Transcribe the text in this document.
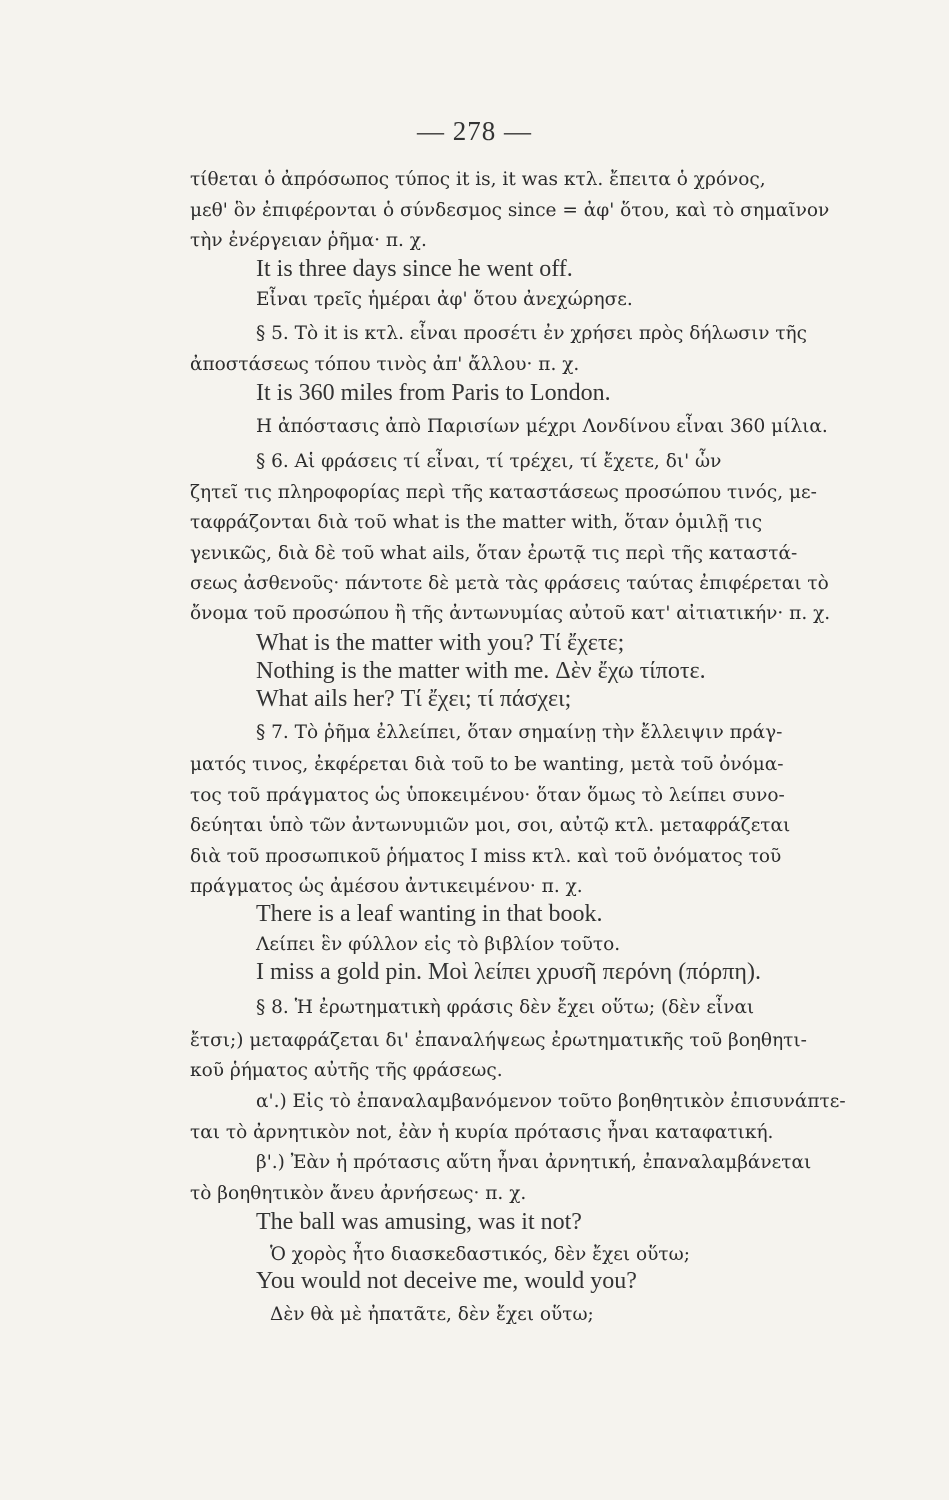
— 278 —
τίθεται ὁ ἀπρόσωπος τύπος it is, it was κτλ. ἔπειτα ὁ χρόνος,
μεθ' ὃν ἐπιφέρονται ὁ σύνδεσμος since = ἀφ' ὅτου, καὶ τὸ σημαῖνον
τὴν ἐνέργειαν ῥῆμα· π. χ.
It is three days since he went off.
Εἶναι τρεῖς ἡμέραι ἀφ' ὅτου ἀνεχώρησε.
§ 5. Τὸ it is κτλ. εἶναι προσέτι ἐν χρήσει πρὸς δήλωσιν τῆς
ἀποστάσεως τόπου τινὸς ἀπ' ἄλλου· π. χ.
It is 360 miles from Paris to London.
Η ἀπόστασις ἀπὸ Παρισίων μέχρι Λονδίνου εἶναι 360 μίλια.
§ 6. Αἱ φράσεις τί εἶναι, τί τρέχει, τί ἔχετε, δι' ὧν
ζητεῖ τις πληροφορίας περὶ τῆς καταστάσεως προσώπου τινός, με-
ταφράζονται διὰ τοῦ what is the matter with, ὅταν ὁμιλῇ τις
γενικῶς, διὰ δὲ τοῦ what ails, ὅταν ἐρωτᾷ τις περὶ τῆς καταστά-
σεως ἀσθενοῦς· πάντοτε δὲ μετὰ τὰς φράσεις ταύτας ἐπιφέρεται τὸ
ὄνομα τοῦ προσώπου ἢ τῆς ἀντωνυμίας αὐτοῦ κατ' αἰτιατικήν· π. χ.
What is the matter with you? Τί ἔχετε;
Nothing is the matter with me. Δὲν ἔχω τίποτε.
What ails her? Τί ἔχει; τί πάσχει;
§ 7. Τὸ ῥῆμα ἐλλείπει, ὅταν σημαίνῃ τὴν ἔλλειψιν πράγ-
ματός τινος, ἐκφέρεται διὰ τοῦ to be wanting, μετὰ τοῦ ὀνόμα-
τος τοῦ πράγματος ὡς ὑποκειμένου· ὅταν ὅμως τὸ λείπει συνο-
δεύηται ὑπὸ τῶν ἀντωνυμιῶν μοι, σοι, αὐτῷ κτλ. μεταφράζεται
διὰ τοῦ προσωπικοῦ ῥήματος I miss κτλ. καὶ τοῦ ὀνόματος τοῦ
πράγματος ὡς ἀμέσου ἀντικειμένου· π. χ.
There is a leaf wanting in that book.
Λείπει ἓν φύλλον εἰς τὸ βιβλίον τοῦτο.
I miss a gold pin. Μοὶ λείπει χρυσῆ περόνη (πόρπη).
§ 8. Ἡ ἐρωτηματικὴ φράσις δὲν ἔχει οὕτω; (δὲν εἶναι
ἔτσι;) μεταφράζεται δι' ἐπαναλήψεως ἐρωτηματικῆς τοῦ βοηθητι-
κοῦ ῥήματος αὐτῆς τῆς φράσεως.
α'.) Εἰς τὸ ἐπαναλαμβανόμενον τοῦτο βοηθητικὸν ἐπισυνάπτε-
ται τὸ ἀρνητικὸν not, ἐὰν ἡ κυρία πρότασις ἦναι καταφατική.
β'.) Ἐὰν ἡ πρότασις αὕτη ἦναι ἀρνητική, ἐπαναλαμβάνεται
τὸ βοηθητικὸν ἄνευ ἀρνήσεως· π. χ.
The ball was amusing, was it not?
Ὁ χορὸς ἦτο διασκεδαστικός, δὲν ἔχει οὕτω;
You would not deceive me, would you?
Δὲν θὰ μὲ ἠπατᾶτε, δὲν ἔχει οὕτω;
